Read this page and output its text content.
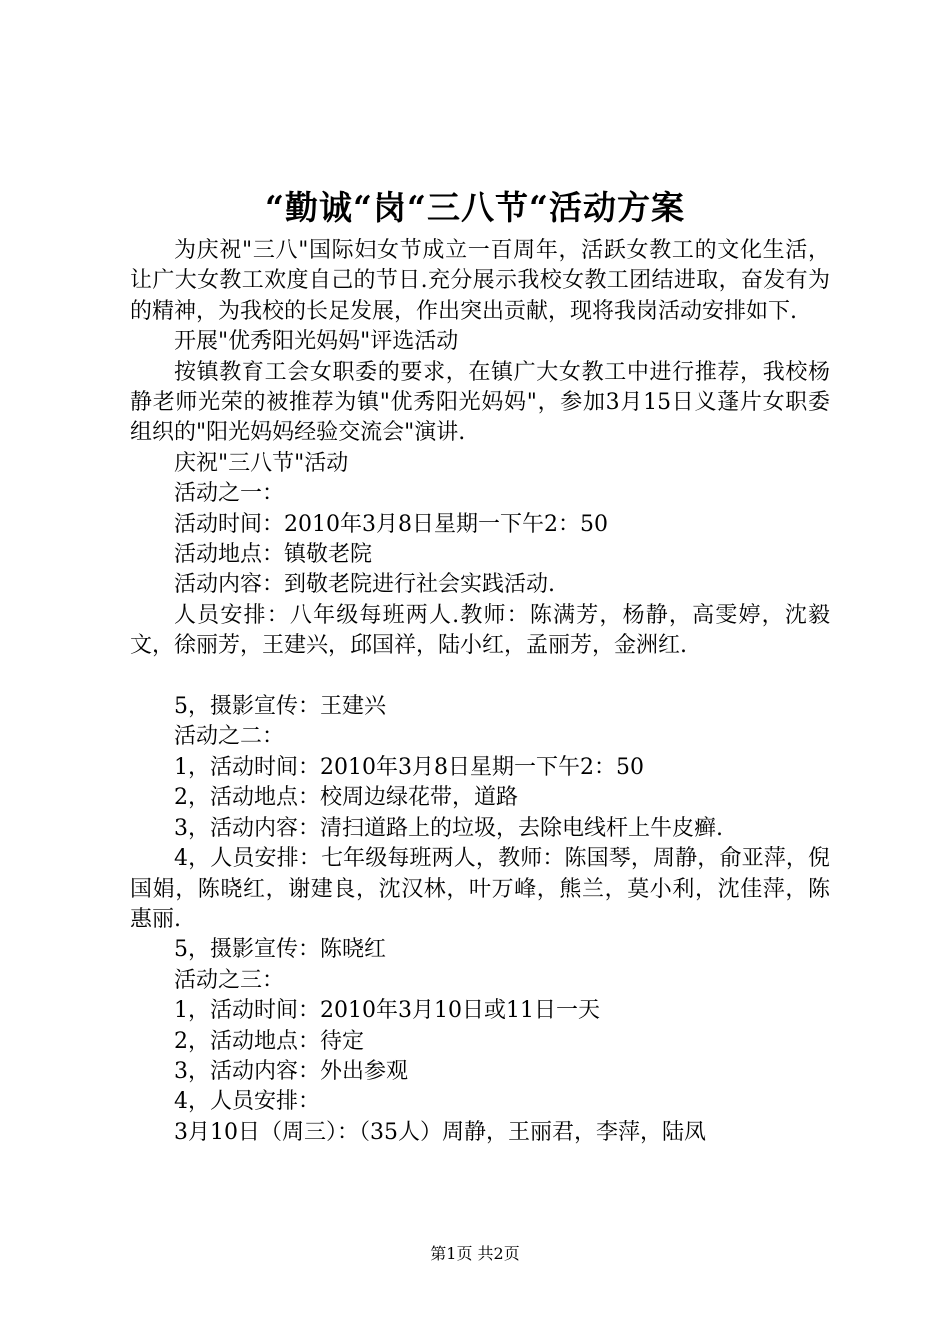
“勤诚“岗“三八节“活动方案

为庆祝"三八"国际妇女节成立一百周年，活跃女教工的文化生活，让广大女教工欢度自己的节日.充分展示我校女教工团结进取，奋发有为的精神，为我校的长足发展，作出突出贡献，现将我岗活动安排如下.

开展"优秀阳光妈妈"评选活动

按镇教育工会女职委的要求，在镇广大女教工中进行推荐，我校杨静老师光荣的被推荐为镇"优秀阳光妈妈"，参加3月15日义蓬片女职委组织的"阳光妈妈经验交流会"演讲.

庆祝"三八节"活动

活动之一：

活动时间：2010年3月8日星期一下午2：50

活动地点：镇敬老院

活动内容：到敬老院进行社会实践活动.

人员安排：八年级每班两人.教师：陈满芳，杨静，高雯婷，沈毅文，徐丽芳，王建兴，邱国祥，陆小红，孟丽芳，金洲红.

5，摄影宣传：王建兴

活动之二：

1，活动时间：2010年3月8日星期一下午2：50

2，活动地点：校周边绿花带，道路

3，活动内容：清扫道路上的垃圾，去除电线杆上牛皮癣.

4，人员安排：七年级每班两人，教师：陈国琴，周静，俞亚萍，倪国娟，陈晓红，谢建良，沈汉林，叶万峰，熊兰，莫小利，沈佳萍，陈惠丽.

5，摄影宣传：陈晓红

活动之三：

1，活动时间：2010年3月10日或11日一天

2，活动地点：待定

3，活动内容：外出参观

4，人员安排：

3月10日（周三）：（35人）周静，王丽君，李萍，陆凤

第1页 共2页
